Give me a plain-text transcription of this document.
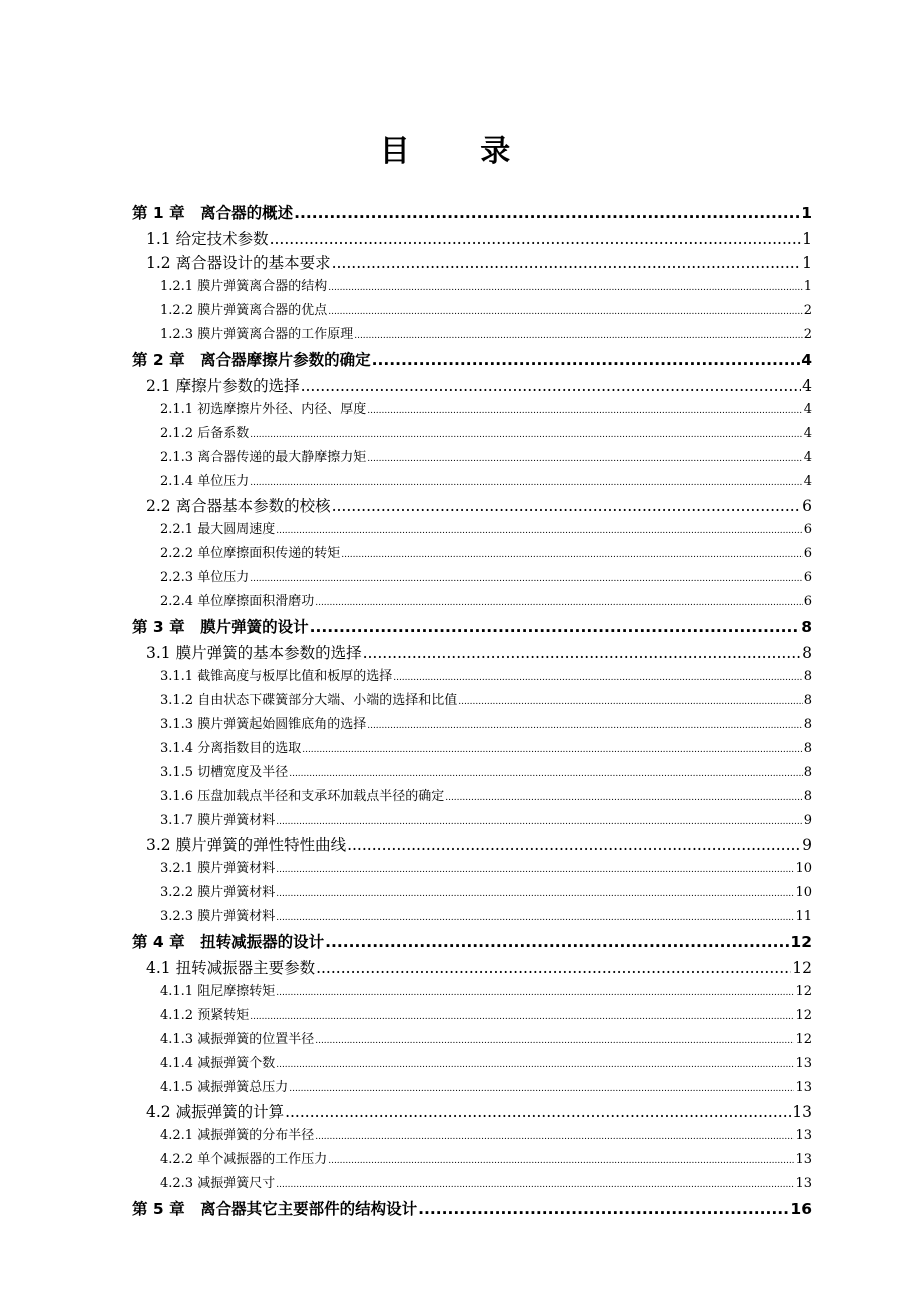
目 录
第 1 章　离合器的概述 .....	1
1.1 给定技术参数 .....	1
1.2 离合器设计的基本要求 .....	1
1.2.1 膜片弹簧离合器的结构 .....	1
1.2.2 膜片弹簧离合器的优点 .....	2
1.2.3 膜片弹簧离合器的工作原理 .....	2
第 2 章　离合器摩擦片参数的确定 .....	4
2.1 摩擦片参数的选择 .....	4
2.1.1 初选摩擦片外径、内径、厚度 .....	4
2.1.2 后备系数 .....	4
2.1.3 离合器传递的最大静摩擦力矩 .....	4
2.1.4 单位压力 .....	4
2.2 离合器基本参数的校核 .....	6
2.2.1 最大圆周速度 .....	6
2.2.2 单位摩擦面积传递的转矩 .....	6
2.2.3 单位压力 .....	6
2.2.4 单位摩擦面积滑磨功 .....	6
第 3 章　膜片弹簧的设计 .....	8
3.1 膜片弹簧的基本参数的选择 .....	8
3.1.1 截锥高度与板厚比值和板厚的选择 .....	8
3.1.2 自由状态下碟簧部分大端、小端的选择和比值 .....	8
3.1.3 膜片弹簧起始圆锥底角的选择 .....	8
3.1.4 分离指数目的选取 .....	8
3.1.5 切槽宽度及半径 .....	8
3.1.6 压盘加载点半径和支承环加载点半径的确定 .....	8
3.1.7 膜片弹簧材料 .....	9
3.2 膜片弹簧的弹性特性曲线 .....	9
3.2.1 膜片弹簧材料 .....	10
3.2.2 膜片弹簧材料 .....	10
3.2.3 膜片弹簧材料 .....	11
第 4 章　扭转减振器的设计 .....	12
4.1 扭转减振器主要参数 .....	12
4.1.1 阻尼摩擦转矩 .....	12
4.1.2 预紧转矩 .....	12
4.1.3 减振弹簧的位置半径 .....	12
4.1.4 减振弹簧个数 .....	13
4.1.5 减振弹簧总压力 .....	13
4.2 减振弹簧的计算 .....	13
4.2.1 减振弹簧的分布半径 .....	13
4.2.2 单个减振器的工作压力 .....	13
4.2.3 减振弹簧尺寸 .....	13
第 5 章　离合器其它主要部件的结构设计 .....	16
